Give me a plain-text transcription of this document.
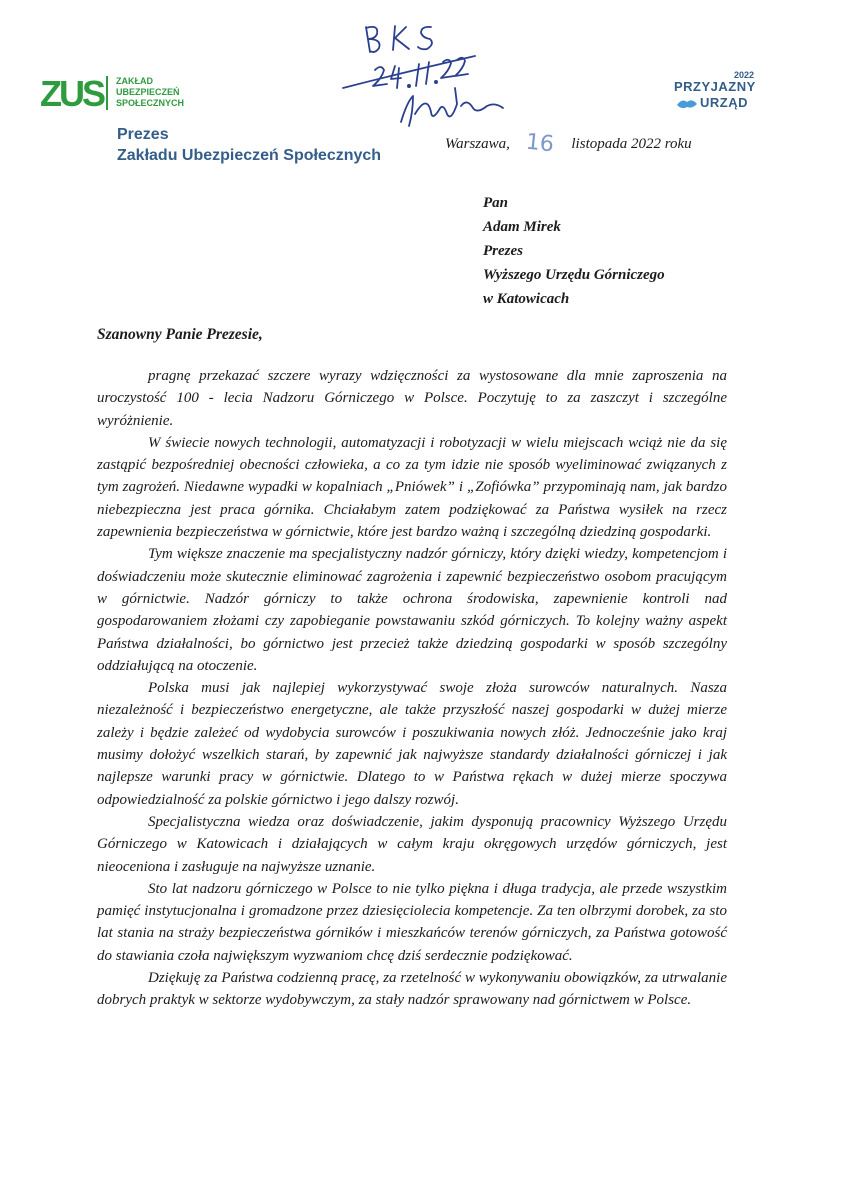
ZUS ZAKŁAD
UBEZPIECZEŃ
SPOŁECZNYCH
Prezes
Zakładu Ubezpieczeń Społecznych
2022
PRZYJAZNY
URZĄD
Warszawa, 16 listopada 2022 roku
Pan
Adam Mirek
Prezes
Wyższego Urzędu Górniczego
w Katowicach
Szanowny Panie Prezesie,

pragnę przekazać szczere wyrazy wdzięczności za wystosowane dla mnie zaproszenia na uroczystość 100 - lecia Nadzoru Górniczego w Polsce. Poczytuję to za zaszczyt i szczególne wyróżnienie.

W świecie nowych technologii, automatyzacji i robotyzacji w wielu miejscach wciąż nie da się zastąpić bezpośredniej obecności człowieka, a co za tym idzie nie sposób wyeliminować związanych z tym zagrożeń. Niedawne wypadki w kopalniach „Pniówek” i „Zofiówka” przypominają nam, jak bardzo niebezpieczna jest praca górnika. Chciałabym zatem podziękować za Państwa wysiłek na rzecz zapewnienia bezpieczeństwa w górnictwie, które jest bardzo ważną i szczególną dziedziną gospodarki.

Tym większe znaczenie ma specjalistyczny nadzór górniczy, który dzięki wiedzy, kompetencjom i doświadczeniu może skutecznie eliminować zagrożenia i zapewnić bezpieczeństwo osobom pracującym w górnictwie. Nadzór górniczy to także ochrona środowiska, zapewnienie kontroli nad gospodarowaniem złożami czy zapobieganie powstawaniu szkód górniczych. To kolejny ważny aspekt Państwa działalności, bo górnictwo jest przecież także dziedziną gospodarki w sposób szczególny oddziałującą na otoczenie.

Polska musi jak najlepiej wykorzystywać swoje złoża surowców naturalnych. Nasza niezależność i bezpieczeństwo energetyczne, ale także przyszłość naszej gospodarki w dużej mierze zależy i będzie zależeć od wydobycia surowców i poszukiwania nowych złóż. Jednocześnie jako kraj musimy dołożyć wszelkich starań, by zapewnić jak najwyższe standardy działalności górniczej i jak najlepsze warunki pracy w górnictwie. Dlatego to w Państwa rękach w dużej mierze spoczywa odpowiedzialność za polskie górnictwo i jego dalszy rozwój.

Specjalistyczna wiedza oraz doświadczenie, jakim dysponują pracownicy Wyższego Urzędu Górniczego w Katowicach i działających w całym kraju okręgowych urzędów górniczych, jest nieoceniona i zasługuje na najwyższe uznanie.

Sto lat nadzoru górniczego w Polsce to nie tylko piękna i długa tradycja, ale przede wszystkim pamięć instytucjonalna i gromadzone przez dziesięciolecia kompetencje. Za ten olbrzymi dorobek, za sto lat stania na straży bezpieczeństwa górników i mieszkańców terenów górniczych, za Państwa gotowość do stawiania czoła największym wyzwaniom chcę dziś serdecznie podziękować.

Dziękuję za Państwa codzienną pracę, za rzetelność w wykonywaniu obowiązków, za utrwalanie dobrych praktyk w sektorze wydobywczym, za stały nadzór sprawowany nad górnictwem w Polsce.
